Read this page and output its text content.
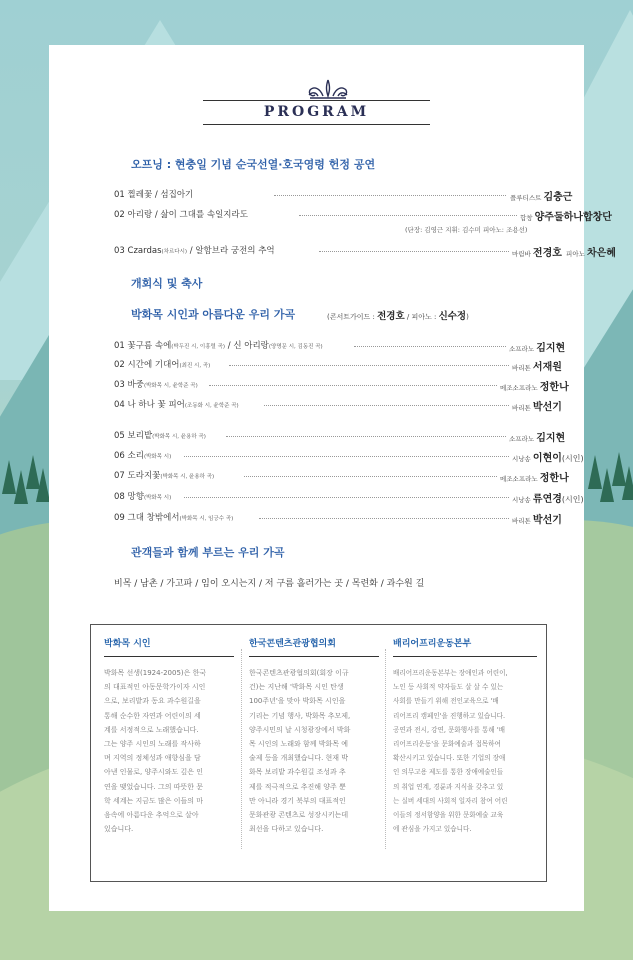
PROGRAM
오프닝 : 현충일 기념 순국선열·호국영령 헌정 공연
01 찔레꽃 / 섬집아기	플루티스트 김충근
02 아리랑 / 삶이 그대를 속일지라도	합창 양주둘하나합창단
(단장: 김영근 지휘: 김수미 피아노: 조용선)
03 Czardas(차르다시) / 알함브라 궁전의 추억	마림바 전경호 피아노 차은혜
개회식 및 축사
박화목 시인과 아름다운 우리 가곡	(콘서트가이드 : 전경호 / 피아노 : 신수정)
01 꽃구름 속에(박두진 시, 이흥렬 곡) / 신 아리랑(양명문 시, 김동진 곡)	소프라노 김지현
02 시간에 기대어(최진 시, 곡)	바리톤 서재원
03 바중(박화목 시, 윤학준 곡)	메조소프라노 정한나
04 나 하나 꽃 피어(조동화 시, 윤학준 곡)	바리톤 박선기
05 보리밭(박화목 시, 윤용하 곡)	소프라노 김지현
06 소리(박화목 시)	시낭송 이현이(시인)
07 도라지꽃(박화목 시, 윤용하 곡)	메조소프라노 정한나
08 망향(박화목 시)	시낭송 류연경(시인)
09 그대 창밖에서(박화목 시, 임긍수 곡)	바리톤 박선기
관객들과 함께 부르는 우리 가곡
비목 / 남촌 / 가고파 / 임이 오시는지 / 저 구름 흘러가는 곳 / 목련화 / 과수원 길
박화목 시인

박화목 선생(1924-2005)은 한국
의 대표적인 아동문학가이자 시인
으로, 보리밭과 동요 과수원길을
통해 순수한 자연과 어린이의 세
계를 서정적으로 노래했습니다.
그는 양주 시인의 노래를 작사하
며 지역의 정체성과 애향심을 담
아낸 인물로, 양주시와도 깊은 인
연을 맺었습니다. 그의 따뜻한 문
학 세계는 지금도 많은 이들의 마
음속에 아름다운 추억으로 살아
있습니다.

한국콘텐츠관광협의회

한국콘텐츠관광협의회(회장 이규
건)는 지난해 '박화목 시인 탄생
100주년'을 맞아 박화목 시인을
기리는 기념 행사, 박화목 추모제,
양주시민의 날 시청광장에서 박화
목 시인의 노래와 함께 박화목 예
술제 등을 개최했습니다. 현재 박
화목 보리밭 과수원길 조성과 추
제를 적극적으로 추진해 양주 뿐
만 아니라 경기 북부의 대표적인
문화관광 콘텐츠로 성장시키는데
최선을 다하고 있습니다.

배리어프리운동본부

배리어프리운동본부는 장애인과 어린이,
노인 등 사회적 약자들도 살 살 수 있는
사회를 만들기 위해 전인교육으로 '배
리어프리 캠페인'을 진행하고 있습니다.
공연과 전시, 강연, 문화행사를 통해 '배
리어프리운동'을 문화예술과 접목하여
확산시키고 있습니다. 또한 기업의 장애
인 의무고용 제도를 통한 장애예술인들
의 취업 연계, 경륜과 지식을 갖추고 있
는 실버 세대의 사회적 일자리 참여 어린
이들의 정서함양을 위한 문화예술 교육
에 관심을 가지고 있습니다.
